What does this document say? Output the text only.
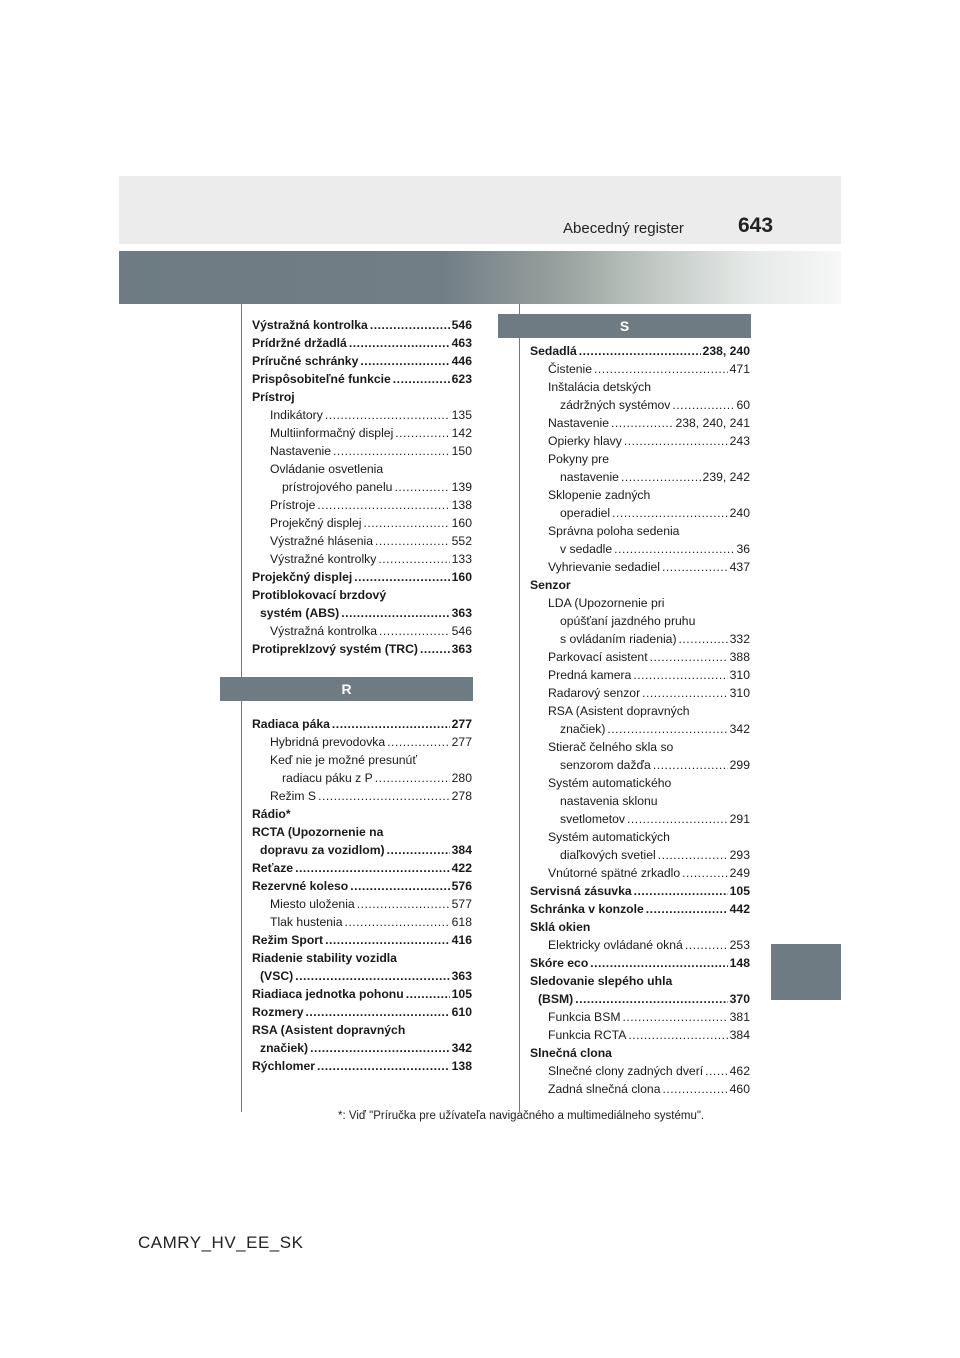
Abecedný register	643
Výstražná kontrolka .....	546
Prídržné držadlá .....	463
Príručné schránky .....	446
Prispôsobiteľné funkcie .....	623
Prístroj
Indikátory .....	135
Multiinformačný displej .....	142
Nastavenie .....	150
Ovládanie osvetlenia
prístrojového panelu .....	139
Prístroje .....	138
Projekčný displej .....	160
Výstražné hlásenia .....	552
Výstražné kontrolky .....	133
Projekčný displej .....	160
Protiblokovací brzdový
systém (ABS) .....	363
Výstražná kontrolka .....	546
Protipreklzový systém (TRC) .....	363
R
Radiaca páka .....	277
Hybridná prevodovka .....	277
Keď nie je možné presunúť
radiacu páku z P .....	280
Režim S .....	278
Rádio*
RCTA (Upozornenie na
dopravu za vozidlom) .....	384
Reťaze .....	422
Rezervné koleso .....	576
Miesto uloženia .....	577
Tlak hustenia .....	618
Režim Sport .....	416
Riadenie stability vozidla
(VSC) .....	363
Riadiaca jednotka pohonu .....	105
Rozmery .....	610
RSA (Asistent dopravných
značiek) .....	342
Rýchlomer .....	138
S
Sedadlá .....	238, 240
Čistenie .....	471
Inštalácia detských
zádržných systémov .....	60
Nastavenie .....	238, 240, 241
Opierky hlavy .....	243
Pokyny pre
nastavenie .....	239, 242
Sklopenie zadných
operadiel .....	240
Správna poloha sedenia
v sedadle .....	36
Vyhrievanie sedadiel .....	437
Senzor
LDA (Upozornenie pri
opúšťaní jazdného pruhu
s ovládaním riadenia) .....	332
Parkovací asistent .....	388
Predná kamera .....	310
Radarový senzor .....	310
RSA (Asistent dopravných
značiek) .....	342
Stierač čelného skla so
senzorom dažďa .....	299
Systém automatického
nastavenia sklonu
svetlometov .....	291
Systém automatických
diaľkových svetiel .....	293
Vnútorné spätné zrkadlo .....	249
Servisná zásuvka .....	105
Schránka v konzole .....	442
Sklá okien
Elektricky ovládané okná .....	253
Skóre eco .....	148
Sledovanie slepého uhla
(BSM) .....	370
Funkcia BSM .....	381
Funkcia RCTA .....	384
Slnečná clona
Slnečné clony zadných dverí ..... 462
Zadná slnečná clona .....	460
*: Viď "Príručka pre užívateľa navigačného a multimediálneho systému".
CAMRY_HV_EE_SK
